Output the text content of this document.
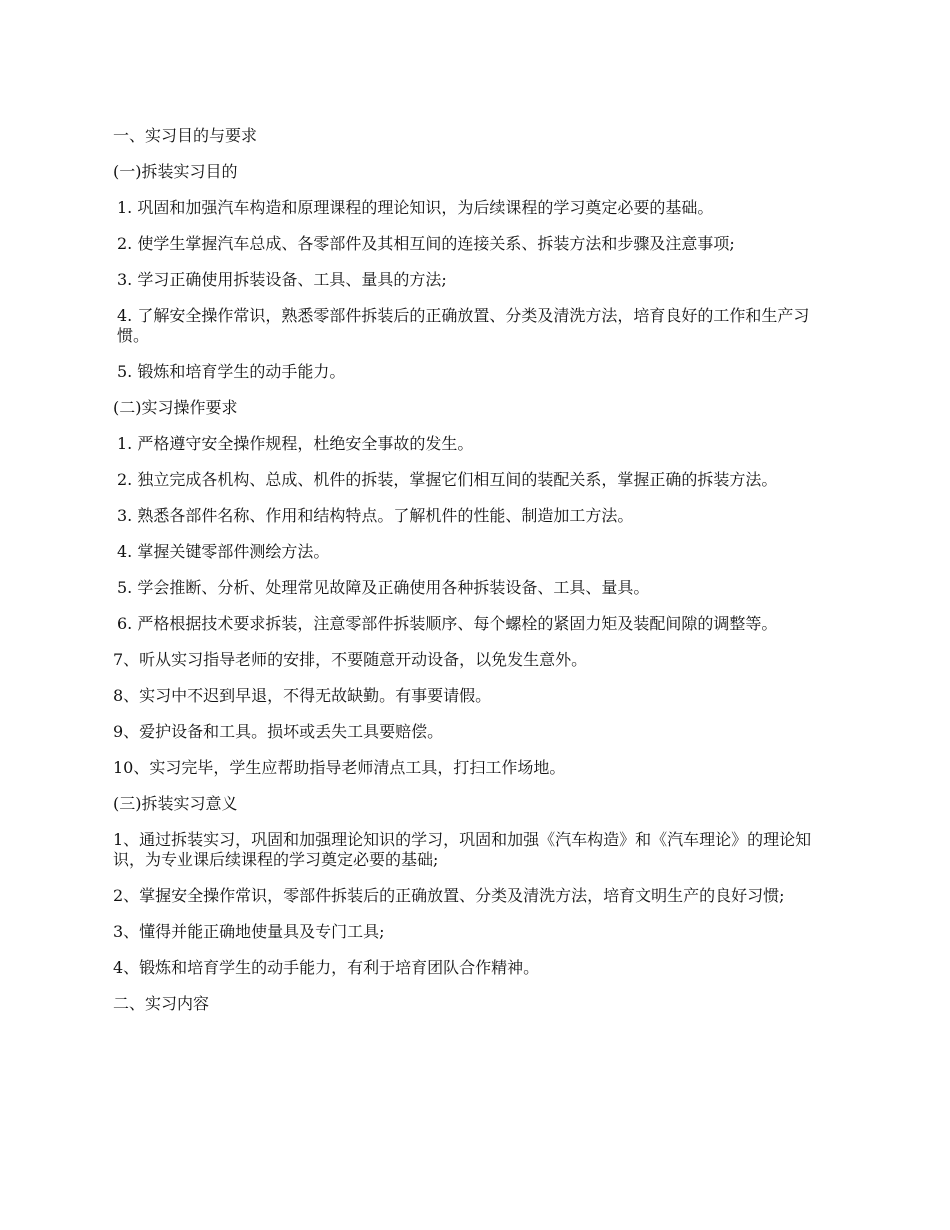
一、实习目的与要求

(一)拆装实习目的

1. 巩固和加强汽车构造和原理课程的理论知识，为后续课程的学习奠定必要的基础。

2. 使学生掌握汽车总成、各零部件及其相互间的连接关系、拆装方法和步骤及注意事项;

3. 学习正确使用拆装设备、工具、量具的方法;

4. 了解安全操作常识，熟悉零部件拆装后的正确放置、分类及清洗方法，培育良好的工作和生产习惯。

5. 锻炼和培育学生的动手能力。

(二)实习操作要求

1. 严格遵守安全操作规程，杜绝安全事故的发生。

2. 独立完成各机构、总成、机件的拆装，掌握它们相互间的装配关系，掌握正确的拆装方法。

3. 熟悉各部件名称、作用和结构特点。了解机件的性能、制造加工方法。

4. 掌握关键零部件测绘方法。

5. 学会推断、分析、处理常见故障及正确使用各种拆装设备、工具、量具。

6. 严格根据技术要求拆装，注意零部件拆装顺序、每个螺栓的紧固力矩及装配间隙的调整等。

7、听从实习指导老师的安排，不要随意开动设备，以免发生意外。

8、实习中不迟到早退，不得无故缺勤。有事要请假。

9、爱护设备和工具。损坏或丢失工具要赔偿。

10、实习完毕，学生应帮助指导老师清点工具，打扫工作场地。

(三)拆装实习意义

1、通过拆装实习，巩固和加强理论知识的学习，巩固和加强《汽车构造》和《汽车理论》的理论知识，为专业课后续课程的学习奠定必要的基础;

2、掌握安全操作常识，零部件拆装后的正确放置、分类及清洗方法，培育文明生产的良好习惯;

3、懂得并能正确地使量具及专门工具;

4、锻炼和培育学生的动手能力，有利于培育团队合作精神。

二、实习内容
